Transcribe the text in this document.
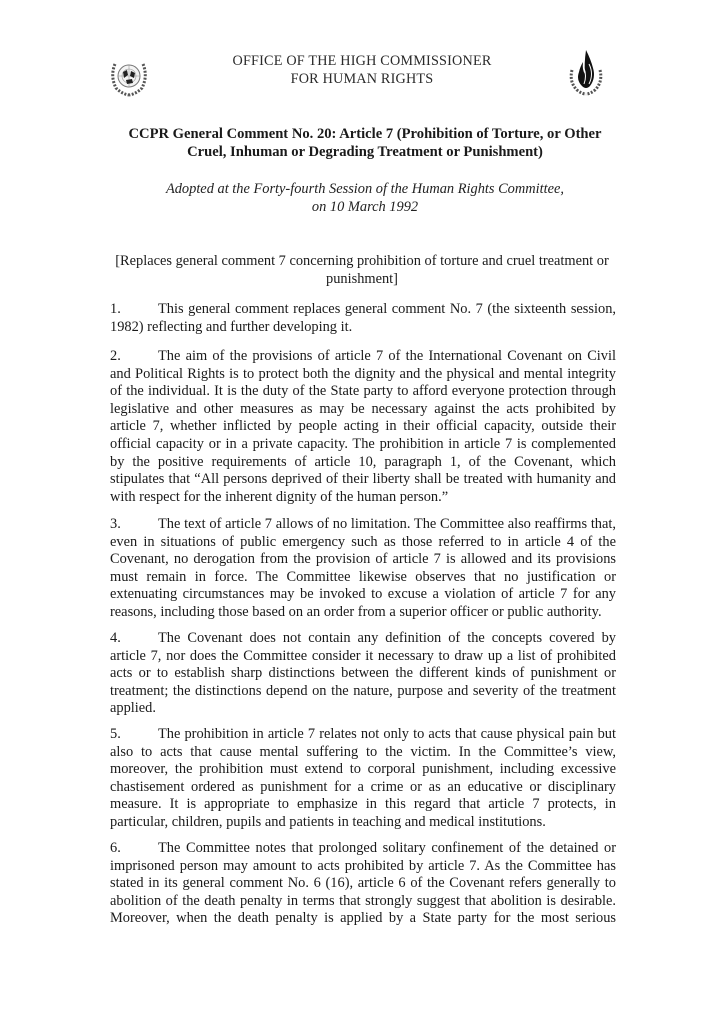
OFFICE OF THE HIGH COMMISSIONER
FOR HUMAN RIGHTS
CCPR General Comment No. 20: Article 7 (Prohibition of Torture, or Other
Cruel, Inhuman or Degrading Treatment or Punishment)
Adopted at the Forty-fourth Session of the Human Rights Committee,
on 10 March 1992
[Replaces general comment 7 concerning prohibition of torture and cruel treatment or punishment]
1.	This general comment replaces general comment No. 7 (the sixteenth session, 1982) reflecting and further developing it.
2.	The aim of the provisions of article 7 of the International Covenant on Civil and Political Rights is to protect both the dignity and the physical and mental integrity of the individual. It is the duty of the State party to afford everyone protection through legislative and other measures as may be necessary against the acts prohibited by article 7, whether inflicted by people acting in their official capacity, outside their official capacity or in a private capacity. The prohibition in article 7 is complemented by the positive requirements of article 10, paragraph 1, of the Covenant, which stipulates that “All persons deprived of their liberty shall be treated with humanity and with respect for the inherent dignity of the human person.”
3.	The text of article 7 allows of no limitation. The Committee also reaffirms that, even in situations of public emergency such as those referred to in article 4 of the Covenant, no derogation from the provision of article 7 is allowed and its provisions must remain in force. The Committee likewise observes that no justification or extenuating circumstances may be invoked to excuse a violation of article 7 for any reasons, including those based on an order from a superior officer or public authority.
4.	The Covenant does not contain any definition of the concepts covered by article 7, nor does the Committee consider it necessary to draw up a list of prohibited acts or to establish sharp distinctions between the different kinds of punishment or treatment; the distinctions depend on the nature, purpose and severity of the treatment applied.
5.	The prohibition in article 7 relates not only to acts that cause physical pain but also to acts that cause mental suffering to the victim. In the Committee’s view, moreover, the prohibition must extend to corporal punishment, including excessive chastisement ordered as punishment for a crime or as an educative or disciplinary measure. It is appropriate to emphasize in this regard that article 7 protects, in particular, children, pupils and patients in teaching and medical institutions.
6.	The Committee notes that prolonged solitary confinement of the detained or imprisoned person may amount to acts prohibited by article 7. As the Committee has stated in its general comment No. 6 (16), article 6 of the Covenant refers generally to abolition of the death penalty in terms that strongly suggest that abolition is desirable. Moreover, when the death penalty is applied by a State party for the most serious
